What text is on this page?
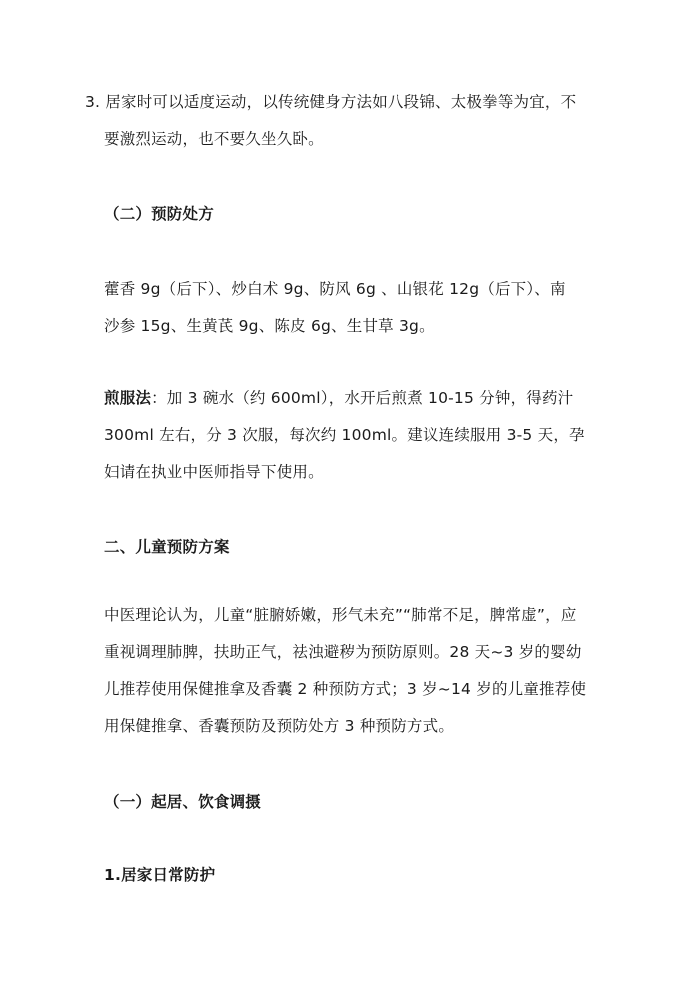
3. 居家时可以适度运动，以传统健身方法如八段锦、太极拳等为宜，不
要激烈运动，也不要久坐久卧。
（二）预防处方
藿香 9g（后下）、炒白术 9g、防风 6g 、山银花 12g（后下）、南
沙参 15g、生黄芪 9g、陈皮 6g、生甘草 3g。
煎服法：加 3 碗水（约 600ml），水开后煎煮 10-15 分钟，得药汁
300ml 左右，分 3 次服，每次约 100ml。建议连续服用 3-5 天，孕
妇请在执业中医师指导下使用。
二、儿童预防方案
中医理论认为，儿童“脏腑娇嫩，形气未充”“肺常不足，脾常虚”，应
重视调理肺脾，扶助正气，祛浊避秽为预防原则。28 天~3 岁的婴幼
儿推荐使用保健推拿及香囊 2 种预防方式；3 岁~14 岁的儿童推荐使
用保健推拿、香囊预防及预防处方 3 种预防方式。
（一）起居、饮食调摄
1.居家日常防护
